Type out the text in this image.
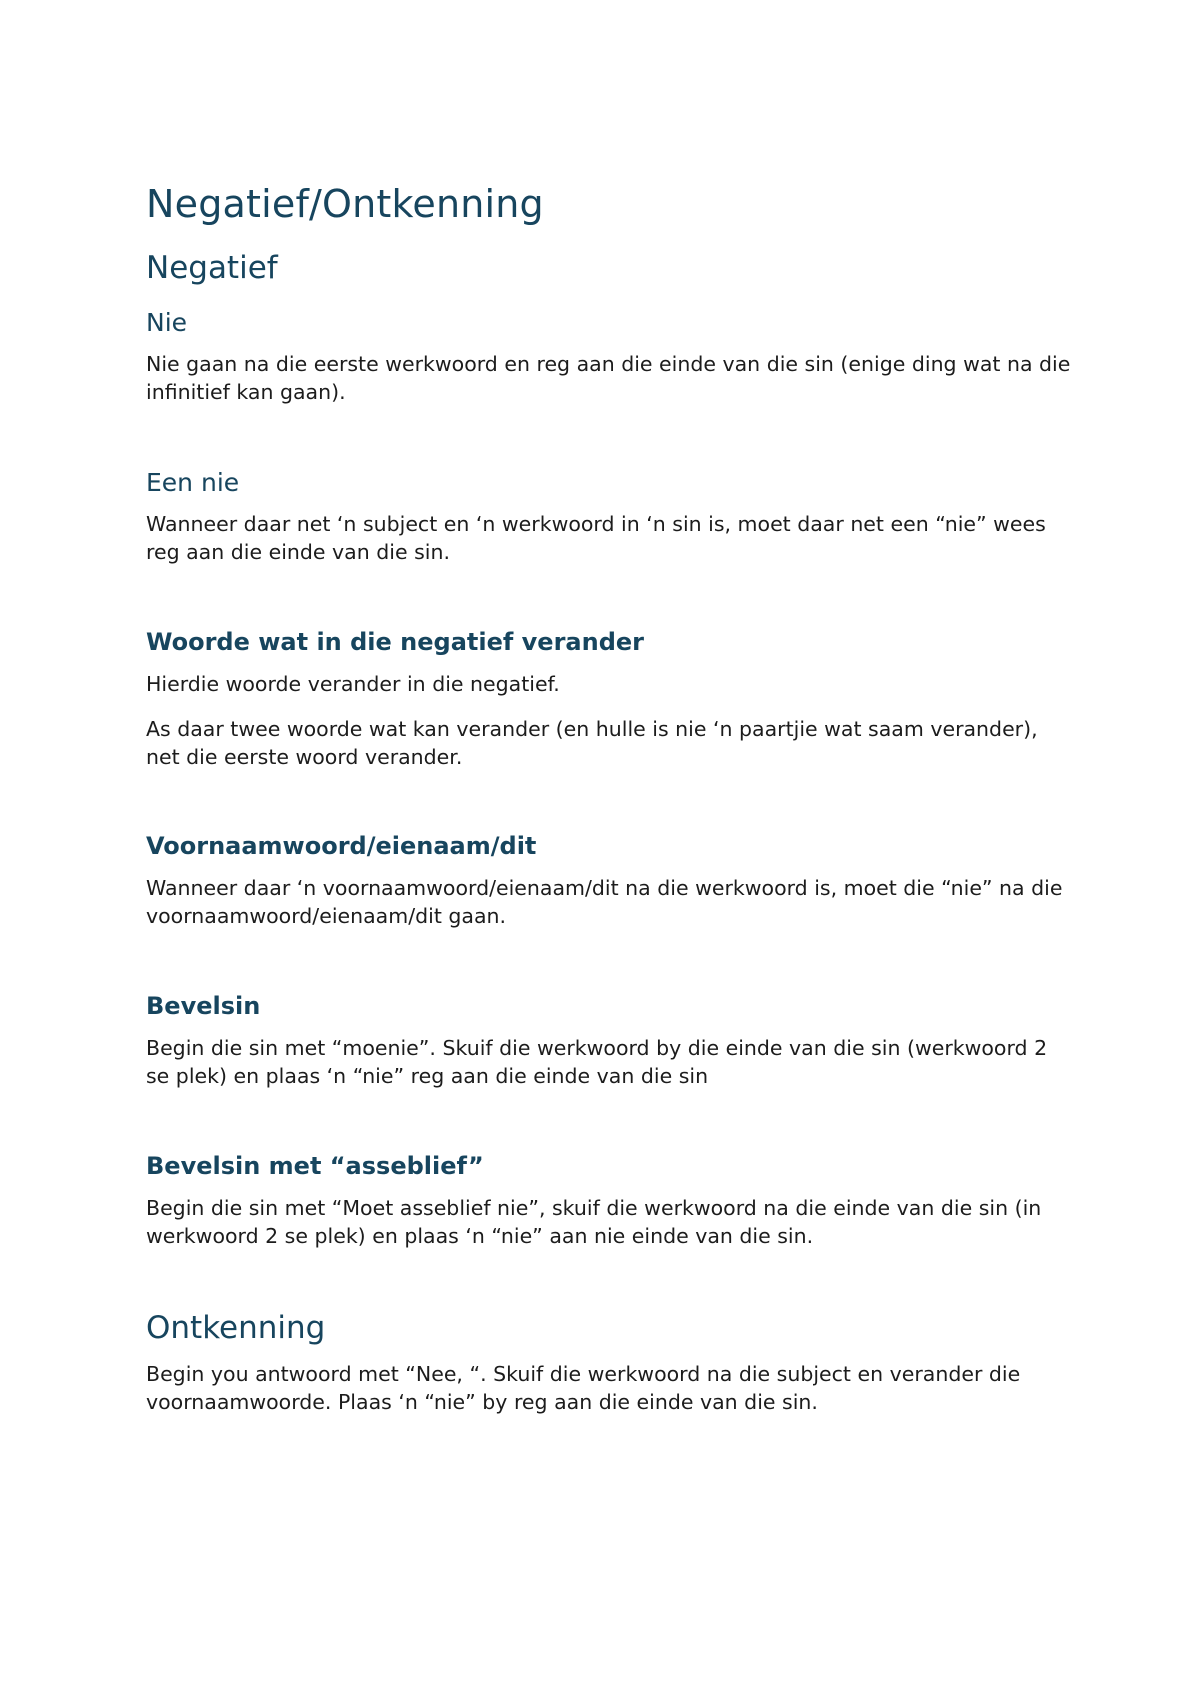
Negatief/Ontkenning
Negatief
Nie

Nie gaan na die eerste werkwoord en reg aan die einde van die sin (enige ding wat na die infinitief kan gaan).

Een nie

Wanneer daar net ‘n subject en ‘n werkwoord in ‘n sin is, moet daar net een “nie” wees reg aan die einde van die sin.

Woorde wat in die negatief verander

Hierdie woorde verander in die negatief.

As daar twee woorde wat kan verander (en hulle is nie ‘n paartjie wat saam verander), net die eerste woord verander.

Voornaamwoord/eienaam/dit

Wanneer daar ‘n voornaamwoord/eienaam/dit na die werkwoord is, moet die “nie” na die voornaamwoord/eienaam/dit gaan.

Bevelsin

Begin die sin met “moenie”. Skuif die werkwoord by die einde van die sin (werkwoord 2 se plek) en plaas ‘n “nie” reg aan die einde van die sin

Bevelsin met “asseblief”

Begin die sin met “Moet asseblief nie”, skuif die werkwoord na die einde van die sin (in werkwoord 2 se plek) en plaas ‘n “nie” aan nie einde van die sin.

Ontkenning

Begin you antwoord met “Nee, “. Skuif die werkwoord na die subject en verander die voornaamwoorde. Plaas ‘n “nie” by reg aan die einde van die sin.
